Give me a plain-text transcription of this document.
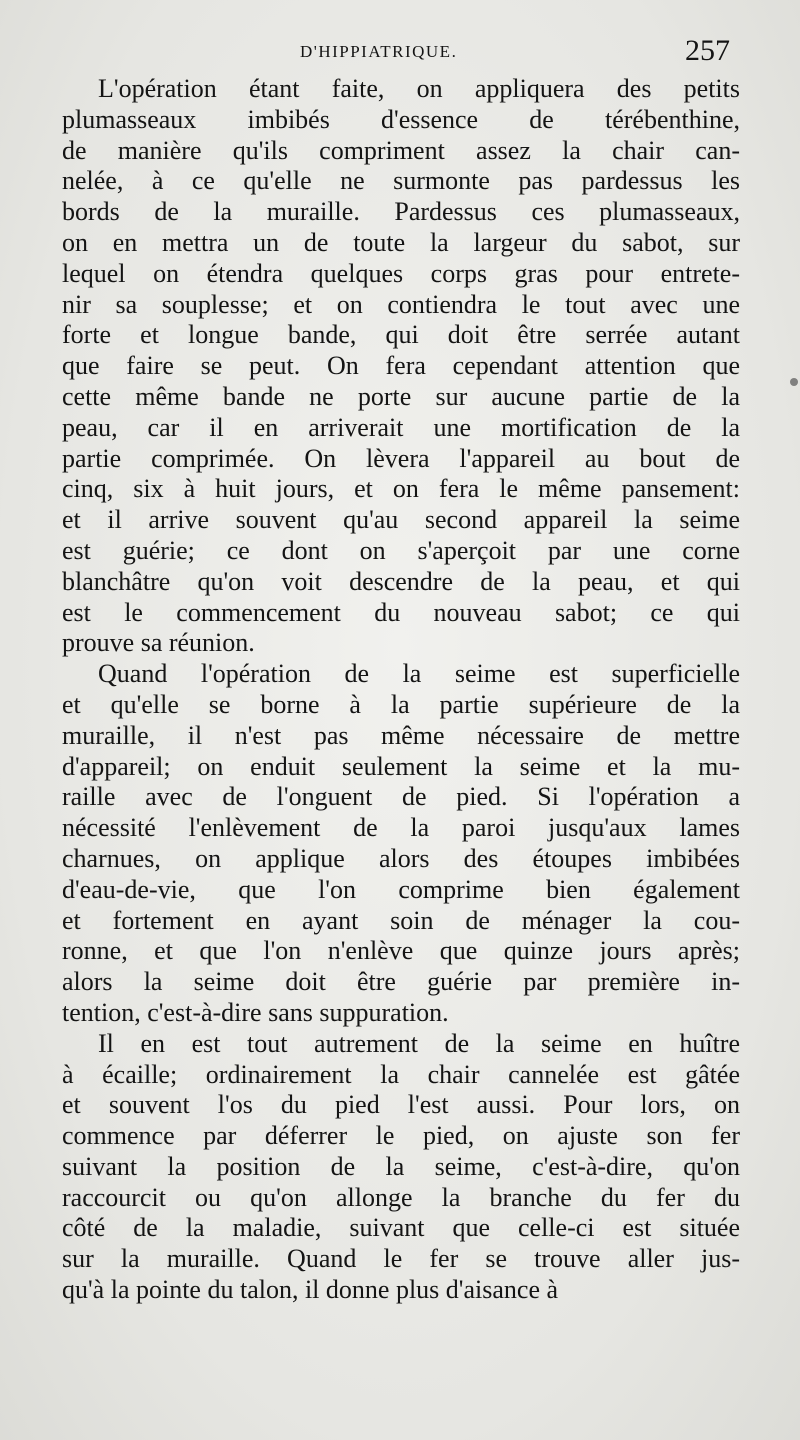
D'HIPPIATRIQUE.	257
L'opération étant faite, on appliquera des petits
plumasseaux imbibés d'essence de térébenthine,
de manière qu'ils compriment assez la chair can-
nelée, à ce qu'elle ne surmonte pas pardessus les
bords de la muraille. Pardessus ces plumasseaux,
on en mettra un de toute la largeur du sabot, sur
lequel on étendra quelques corps gras pour entrete-
nir sa souplesse; et on contiendra le tout avec une
forte et longue bande, qui doit être serrée autant
que faire se peut. On fera cependant attention que
cette même bande ne porte sur aucune partie de la
peau, car il en arriverait une mortification de la
partie comprimée. On lèvera l'appareil au bout de
cinq, six à huit jours, et on fera le même pansement:
et il arrive souvent qu'au second appareil la seime
est guérie; ce dont on s'aperçoit par une corne
blanchâtre qu'on voit descendre de la peau, et qui
est le commencement du nouveau sabot; ce qui
prouve sa réunion.
Quand l'opération de la seime est superficielle
et qu'elle se borne à la partie supérieure de la
muraille, il n'est pas même nécessaire de mettre
d'appareil; on enduit seulement la seime et la mu-
raille avec de l'onguent de pied. Si l'opération a
nécessité l'enlèvement de la paroi jusqu'aux lames
charnues, on applique alors des étoupes imbibées
d'eau-de-vie, que l'on comprime bien également
et fortement en ayant soin de ménager la cou-
ronne, et que l'on n'enlève que quinze jours après;
alors la seime doit être guérie par première in-
tention, c'est-à-dire sans suppuration.
Il en est tout autrement de la seime en huître
à écaille; ordinairement la chair cannelée est gâtée
et souvent l'os du pied l'est aussi. Pour lors, on
commence par déferrer le pied, on ajuste son fer
suivant la position de la seime, c'est-à-dire, qu'on
raccourcit ou qu'on allonge la branche du fer du
côté de la maladie, suivant que celle-ci est située
sur la muraille. Quand le fer se trouve aller jus-
qu'à la pointe du talon, il donne plus d'aisance à
